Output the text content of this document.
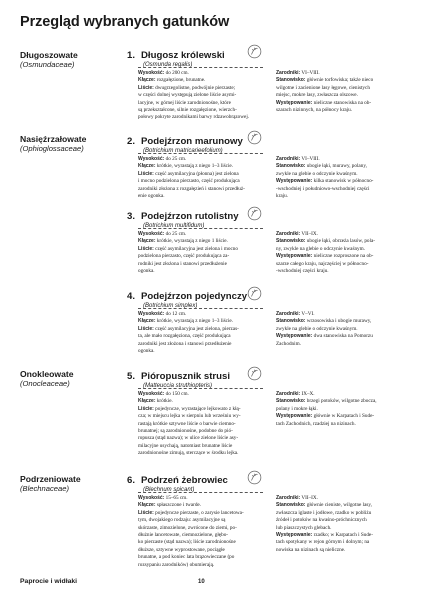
Przegląd wybranych gatunków
Długoszowate
(Osmundaceae)
Nasięźrzałowate
(Ophioglossaceae)
Onokleowate
(Onocleaceae)
Podrzeniowate
(Blechnaceae)
1. Długosz królewski
(Osmunda regalis)
2. Podejźrzon marunowy
(Botrichium matricarieefolium)
3. Podejźrzon rutolistny
(Botrichium multifidum)
4. Podejźrzon pojedynczy
(Botrichium simplex)
5. Pióropusznik strusi
(Matteuccia struthiopteris)
6. Podrzeń żebrowiec
(Blechnum spicant)
Wysokość: do 200 cm.
Kłącze: rozgałęzione, brunatne.
Liście: dwugrzegolistne, podwójnie pierzaste;
w części dolnej występują zielone liście asymi-
lacyjne, w górnej liście zarodnionośne, które
są przekształcone, silnie rozgałęzione, wierzch-
połowy pokryte zarodnikami barwy rdzawobrązowej.
Zarodniki: VI–VIII.
Stanowisko: głównie torfowiska; także nieco
wilgotne i zacienione lasy łęgowe, cienistych
miejsc, mokre lasy, zwłaszcza olszowe.
Występowanie: nieliczne stanowiska na ob-
szarach nizinnych, na północy kraju.
Wysokość: do 25 cm.
Kłącze: krótkie, wyrastają z niego 1–3 liście.
Liście: część asymilacyjna (płonna) jest zielona
i mocno podzielona pierzasto, część produkująca
zarodniki złożona z rozgałęzień i stanowi przedłuż-
enie ogonka.
Zarodniki: VI–VIII.
Stanowisko: ubogie łąki, murawy, polany,
zwykle na glebie o odczynie kwaśnym.
Występowanie: kilka stanowisk w północno-
-wschodniej i południowo-wschodniej części
kraju.
Wysokość: do 25 cm.
Kłącze: krótkie, wyrastają z niego 1 liście.
Liście: część asymilacyjna jest zielona i mocno
podzielona pierzasto, część produkująca za-
rodniki jest złożona i stanowi przedłużenie
ogonka.
Zarodniki: VII–IX.
Stanowisko: ubogie łąki, obrzeża lasów, pola-
ny, zwykle na glebie o odczynie kwaśnym.
Występowanie: nieliczne rozproszone na ob-
szarze całego kraju, najczęściej w północno-
-wschodniej części kraju.
Wysokość: do 12 cm.
Kłącze: krótkie, wyrastają z niego 1–3 liście.
Liście: część asymilacyjna jest zielona, pierzas-
ta, ale mało rozgałęziona, część produkująca
zarodniki jest złożona i stanowi przedłużenie
ogonka.
Zarodniki: V–VI.
Stanowisko: wrzosowiska i ubogie murawy,
zwykle na glebie o odczynie kwaśnym.
Występowanie: dwa stanowiska na Pomorzu
Zachodnim.
Wysokość: do 150 cm.
Kłącze: krótkie.
Liście: pojedyncze, wyrastające lejkowato z kłą-
cza; w miejscu lejka w sierpniu lub wrześniu wy-
rastają krótkie sztywne liście o barwie ciemno-
brunatnej; są zarodnionośne, podobne do pió-
ropusza (stąd nazwa); w ulice zielone liście asy-
milacyjne usychają, natomiast brunatne liście
zarodnionośne zimują, sterczące w środku lejka.
Zarodniki: IX–X.
Stanowisko: brzegi potoków, wilgotne zbocza,
polany i mokre łąki.
Występowanie: głównie w Karpatach i Sude-
tach Zachodnich, rzadziej na nizinach.
Wysokość: 15–65 cm.
Kłącze: spłaszczone i twarde.
Liście: pojedyncze pierzaste, o zarysie lancetowa-
tym, dwojakiego rodzaju: asymilacyjne są
skórzaste, zimozielone, zwrócone do ziemi, po-
dłużnie lancetowate, ciemnozielone, głębo-
ko pierzaste (stąd nazwa); liście zarodnionośne
dłuższe, sztywne wyprostowane, pociągłe
brunatne, a pod koniec lata brązowieczane (po
rozsypaniu zarodników) obumierają.
Zarodniki: VII–IX.
Stanowisko: głównie cieniste, wilgotne lasy,
zwłaszcza iglaste i jodłowe, rzadko w pobliżu
źródeł i potoków na kwaśno-próchnicznych
lub piaszczystych glebach.
Występowanie: rzadko; w Karpatach i Sude-
tach spotykany w rejon górnym i dolnym; na
nowiska na nizinach są nieliczne.
Paprocie i widłaki	10
